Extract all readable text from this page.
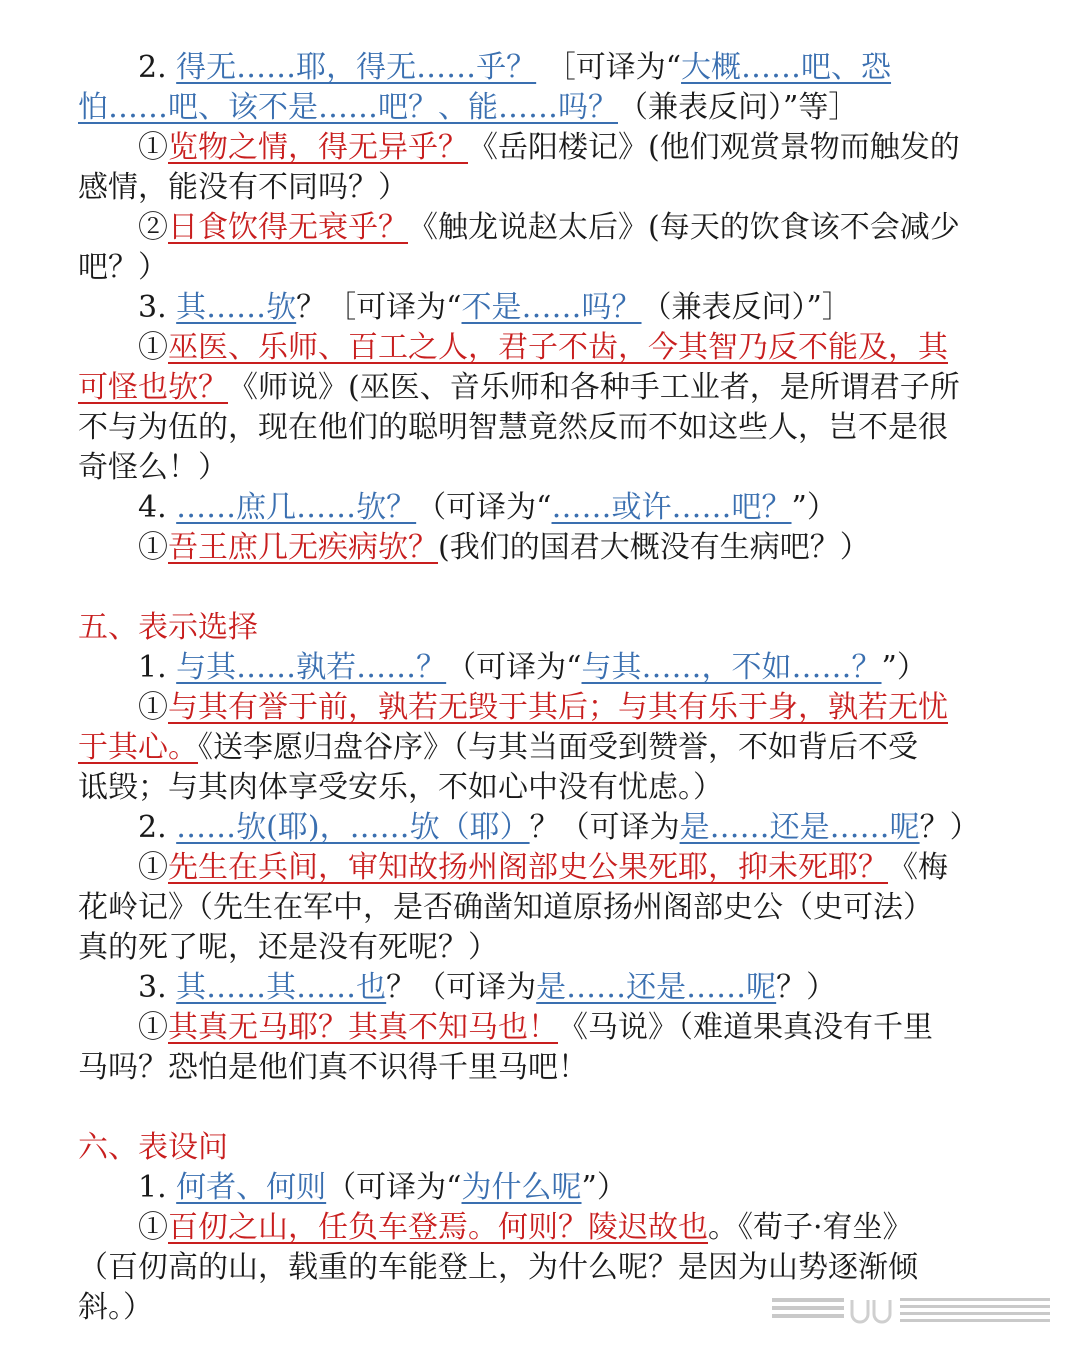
2. 得无……耶，得无……乎？ ［可译为“大概……吧、恐
怕……吧、该不是……吧？、能……吗？（兼表反问）”等］
①览物之情，得无异乎？《岳阳楼记》(他们观赏景物而触发的
感情，能没有不同吗？）
②日食饮得无衰乎？《触龙说赵太后》(每天的饮食该不会减少
吧？）
3. 其……欤？［可译为“不是……吗？（兼表反问）”］
①巫医、乐师、百工之人，君子不齿，今其智乃反不能及，其
可怪也欤？《师说》(巫医、音乐师和各种手工业者，是所谓君子所
不与为伍的，现在他们的聪明智慧竟然反而不如这些人，岂不是很
奇怪么！）
4. ……庶几……欤？（可译为“……或许……吧？”）
①吾王庶几无疾病欤？(我们的国君大概没有生病吧？）
五、表示选择
1. 与其……孰若……？（可译为“与其……，不如……？”）
①与其有誉于前，孰若无毁于其后；与其有乐于身，孰若无忧
于其心。《送李愿归盘谷序》（与其当面受到赞誉，不如背后不受
诋毁；与其肉体享受安乐，不如心中没有忧虑。）
2. ……欤(耶)，……欤（耶）？（可译为是……还是……呢？）
①先生在兵间，审知故扬州阁部史公果死耶，抑未死耶？《梅
花岭记》（先生在军中，是否确凿知道原扬州阁部史公（史可法）
真的死了呢，还是没有死呢？）
3. 其……其……也？（可译为是……还是……呢？）
①其真无马耶？其真不知马也！《马说》（难道果真没有千里
马吗？恐怕是他们真不识得千里马吧！
六、表设问
1. 何者、何则（可译为“为什么呢”）
①百仞之山，任负车登焉。何则？陵迟故也。《荀子·宥坐》
（百仞高的山，载重的车能登上，为什么呢？是因为山势逐渐倾
斜。）
